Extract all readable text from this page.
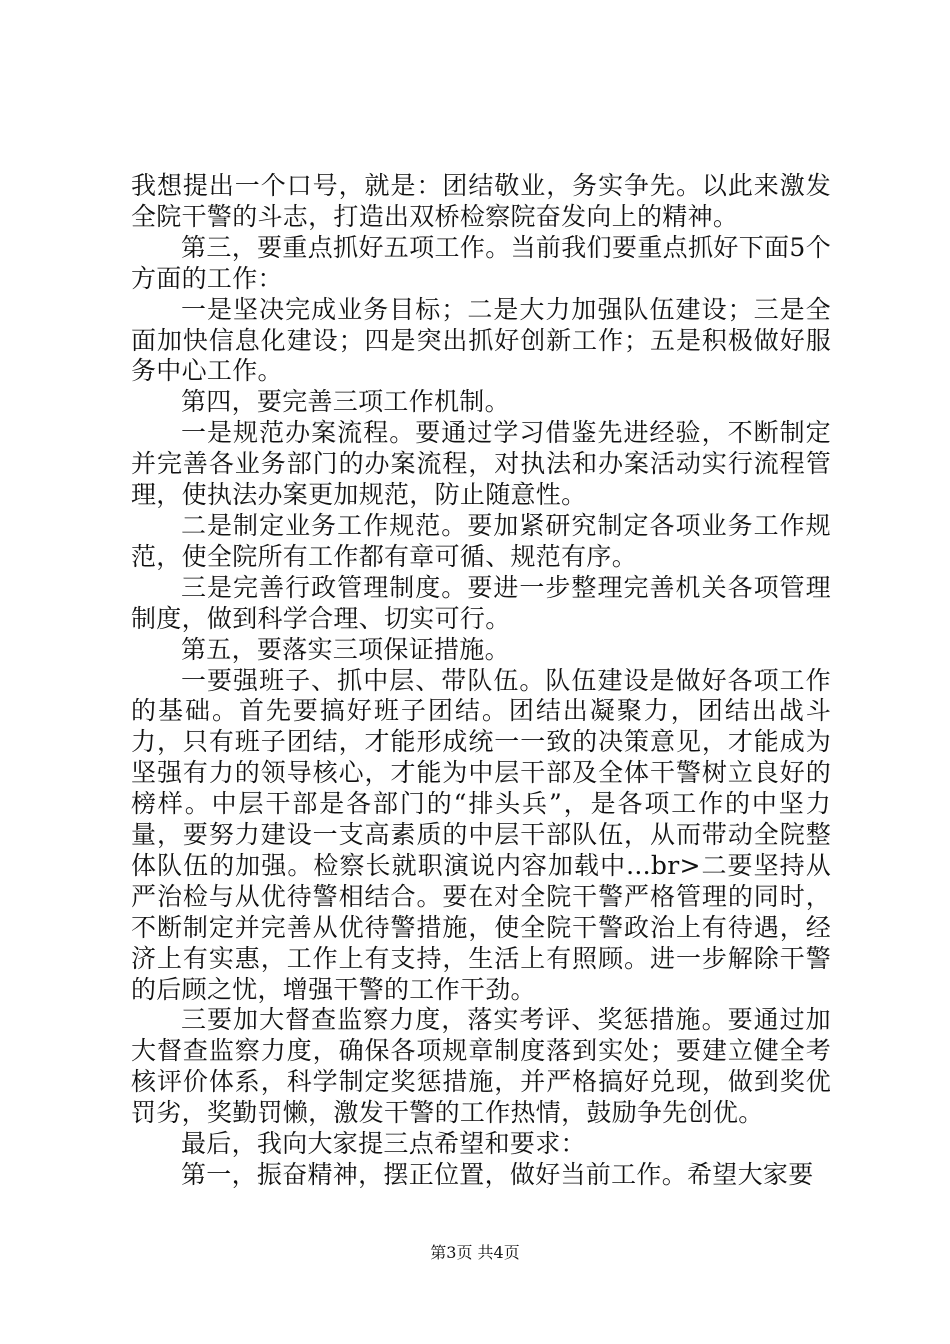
我想提出一个口号，就是：团结敬业，务实争先。以此来激发全院干警的斗志，打造出双桥检察院奋发向上的精神。

第三，要重点抓好五项工作。当前我们要重点抓好下面5个方面的工作：

一是坚决完成业务目标；二是大力加强队伍建设；三是全面加快信息化建设；四是突出抓好创新工作；五是积极做好服务中心工作。

第四，要完善三项工作机制。

一是规范办案流程。要通过学习借鉴先进经验，不断制定并完善各业务部门的办案流程，对执法和办案活动实行流程管理，使执法办案更加规范，防止随意性。

二是制定业务工作规范。要加紧研究制定各项业务工作规范，使全院所有工作都有章可循、规范有序。

三是完善行政管理制度。要进一步整理完善机关各项管理制度，做到科学合理、切实可行。

第五，要落实三项保证措施。

一要强班子、抓中层、带队伍。队伍建设是做好各项工作的基础。首先要搞好班子团结。团结出凝聚力，团结出战斗力，只有班子团结，才能形成统一一致的决策意见，才能成为坚强有力的领导核心，才能为中层干部及全体干警树立良好的榜样。中层干部是各部门的“排头兵”，是各项工作的中坚力量，要努力建设一支高素质的中层干部队伍，从而带动全院整体队伍的加强。检察长就职演说内容加载中...br>二要坚持从严治检与从优待警相结合。要在对全院干警严格管理的同时，不断制定并完善从优待警措施，使全院干警政治上有待遇，经济上有实惠，工作上有支持，生活上有照顾。进一步解除干警的后顾之忧，增强干警的工作干劲。

三要加大督查监察力度，落实考评、奖惩措施。要通过加大督查监察力度，确保各项规章制度落到实处；要建立健全考核评价体系，科学制定奖惩措施，并严格搞好兑现，做到奖优罚劣，奖勤罚懒，激发干警的工作热情，鼓励争先创优。

最后，我向大家提三点希望和要求：

第一，振奋精神，摆正位置，做好当前工作。希望大家要

第3页 共4页
